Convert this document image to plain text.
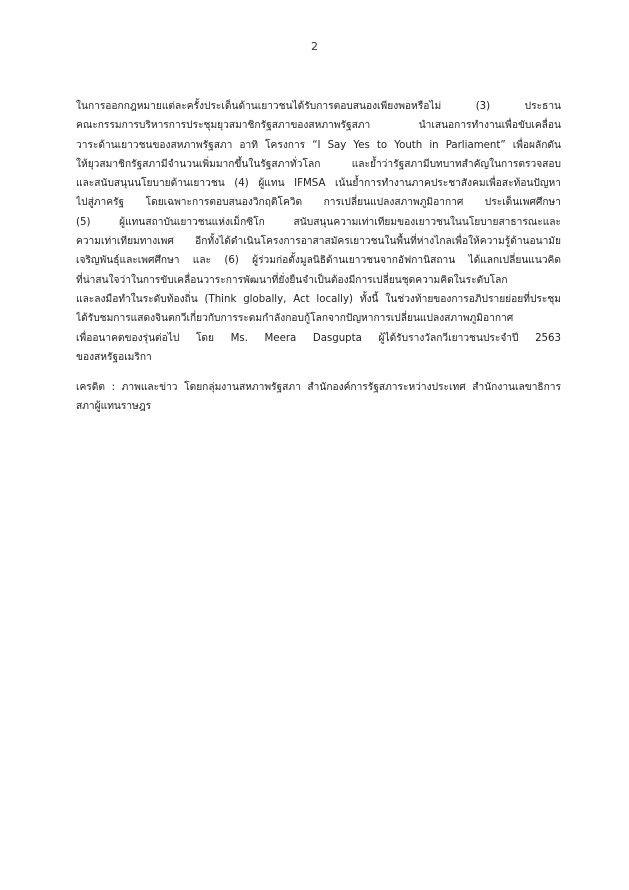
2
ในการออกกฎหมายแต่ละครั้งประเด็นด้านเยาวชนได้รับการตอบสนองเพียงพอหรือไม่ (3) ประธาน
คณะกรรมการบริหารการประชุมยุวสมาชิกรัฐสภาของสหภาพรัฐสภา นำเสนอการทำงานเพื่อขับเคลื่อน
วาระด้านเยาวชนของสหภาพรัฐสภา อาทิ โครงการ “I Say Yes to Youth in Parliament” เพื่อผลักดัน
ให้ยุวสมาชิกรัฐสภามีจำนวนเพิ่มมากขึ้นในรัฐสภาทั่วโลก และย้ำว่ารัฐสภามีบทบาทสำคัญในการตรวจสอบ
และสนับสนุนนโยบายด้านเยาวชน (4) ผู้แทน IFMSA เน้นย้ำการทำงานภาคประชาสังคมเพื่อสะท้อนปัญหา
ไปสู่ภาครัฐ โดยเฉพาะการตอบสนองวิกฤติโควิด การเปลี่ยนแปลงสภาพภูมิอากาศ ประเด็นเพศศึกษา
(5) ผู้แทนสถาบันเยาวชนแห่งเม็กซิโก สนับสนุนความเท่าเทียมของเยาวชนในนโยบายสาธารณะและ
ความเท่าเทียมทางเพศ อีกทั้งได้ดำเนินโครงการอาสาสมัครเยาวชนในพื้นที่ห่างไกลเพื่อให้ความรู้ด้านอนามัย
เจริญพันธุ์และเพศศึกษา และ (6) ผู้ร่วมก่อตั้งมูลนิธิด้านเยาวชนจากอัฟกานิสถาน ได้แลกเปลี่ยนแนวคิด
ที่น่าสนใจว่าในการขับเคลื่อนวาระการพัฒนาที่ยั่งยืนจำเป็นต้องมีการเปลี่ยนชุดความคิดในระดับโลก
และลงมือทำในระดับท้องถิ่น (Think globally, Act locally) ทั้งนี้ ในช่วงท้ายของการอภิปรายย่อยที่ประชุม
ได้รับชมการแสดงจินตกวีเกี่ยวกับการระดมกำลังกอบกู้โลกจากปัญหาการเปลี่ยนแปลงสภาพภูมิอากาศ
เพื่ออนาคตของรุ่นต่อไป โดย Ms. Meera Dasgupta ผู้ได้รับรางวัลกวีเยาวชนประจำปี 2563
ของสหรัฐอเมริกา
เครดิต : ภาพและข่าว โดยกลุ่มงานสหภาพรัฐสภา สำนักองค์การรัฐสภาระหว่างประเทศ สำนักงานเลขาธิการ
สภาผู้แทนราษฎร
